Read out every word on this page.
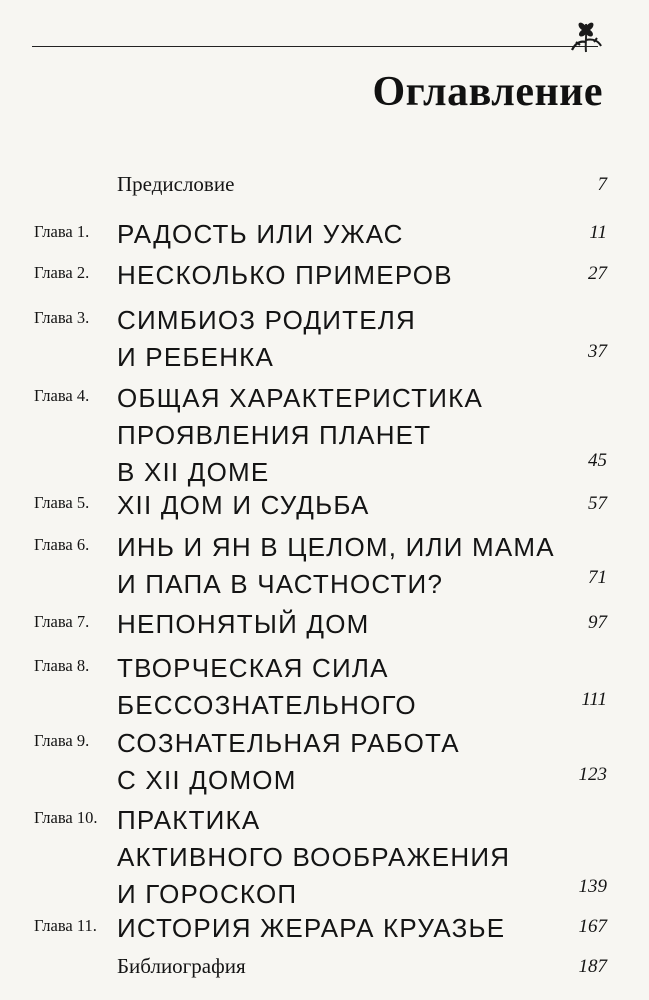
Оглавление
Предисловие	7
Глава 1. РАДОСТЬ ИЛИ УЖАС	11
Глава 2. НЕСКОЛЬКО ПРИМЕРОВ	27
Глава 3. СИМБИОЗ РОДИТЕЛЯ
И РЕБЕНКА	37
Глава 4. ОБЩАЯ ХАРАКТЕРИСТИКА
ПРОЯВЛЕНИЯ ПЛАНЕТ
В XII ДОМЕ	45
Глава 5. XII ДОМ И СУДЬБА	57
Глава 6. ИНЬ И ЯН В ЦЕЛОМ, ИЛИ МАМА
И ПАПА В ЧАСТНОСТИ?	71
Глава 7. НЕПОНЯТЫЙ ДОМ	97
Глава 8. ТВОРЧЕСКАЯ СИЛА
БЕССОЗНАТЕЛЬНОГО	111
Глава 9. СОЗНАТЕЛЬНАЯ РАБОТА
С XII ДОМОМ	123
Глава 10. ПРАКТИКА
АКТИВНОГО ВООБРАЖЕНИЯ
И ГОРОСКОП	139
Глава 11. ИСТОРИЯ ЖЕРАРА КРУАЗЬЕ	167
Библиография	187
